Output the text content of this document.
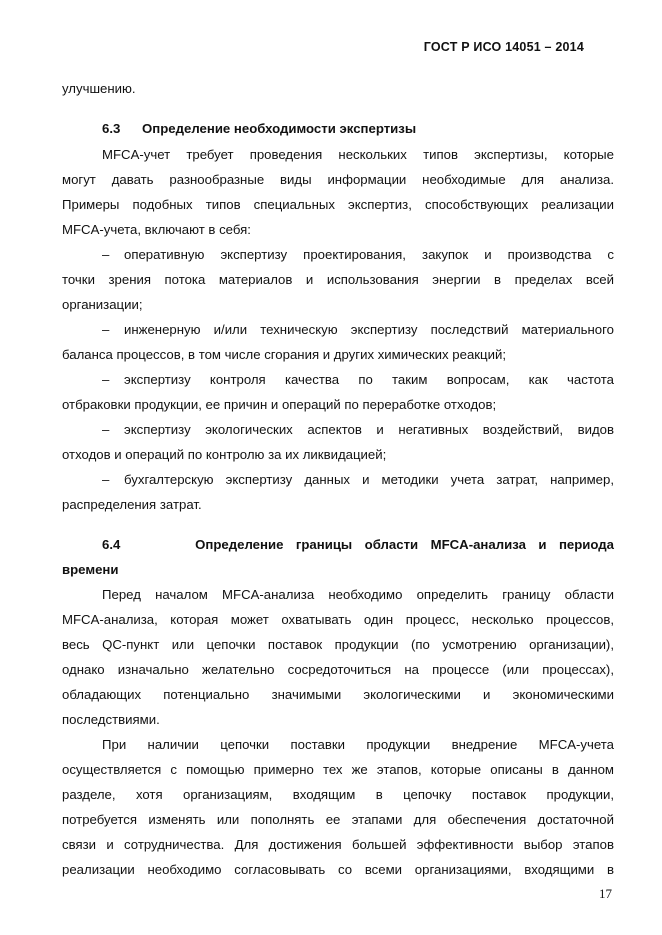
ГОСТ Р ИСО 14051 – 2014
улучшению.
6.3 Определение необходимости экспертизы
MFCA-учет требует проведения нескольких типов экспертизы, которые
могут давать разнообразные виды информации необходимые для анализа.
Примеры подобных типов специальных экспертиз, способствующих реализации
MFCA-учета, включают в себя:
– оперативную экспертизу проектирования, закупок и производства с
точки зрения потока материалов и использования энергии в пределах всей
организации;
– инженерную и/или техническую экспертизу последствий материального
баланса процессов, в том числе сгорания и других химических реакций;
– экспертизу контроля качества по таким вопросам, как частота
отбраковки продукции, ее причин и операций по переработке отходов;
– экспертизу экологических аспектов и негативных воздействий, видов
отходов и операций по контролю за их ликвидацией;
– бухгалтерскую экспертизу данных и методики учета затрат, например,
распределения затрат.
6.4	Определение границы области MFCA-анализа и периода
времени
Перед началом MFCA-анализа необходимо определить границу области
MFCA-анализа, которая может охватывать один процесс, несколько процессов,
весь QC-пункт или цепочки поставок продукции (по усмотрению организации),
однако изначально желательно сосредоточиться на процессе (или процессах),
обладающих потенциально значимыми экологическими и экономическими
последствиями.
При наличии цепочки поставки продукции внедрение MFCA-учета
осуществляется с помощью примерно тех же этапов, которые описаны в данном
разделе, хотя организациям, входящим в цепочку поставок продукции,
потребуется изменять или пополнять ее этапами для обеспечения достаточной
связи и сотрудничества. Для достижения большей эффективности выбор этапов
реализации необходимо согласовывать со всеми организациями, входящими в
17
